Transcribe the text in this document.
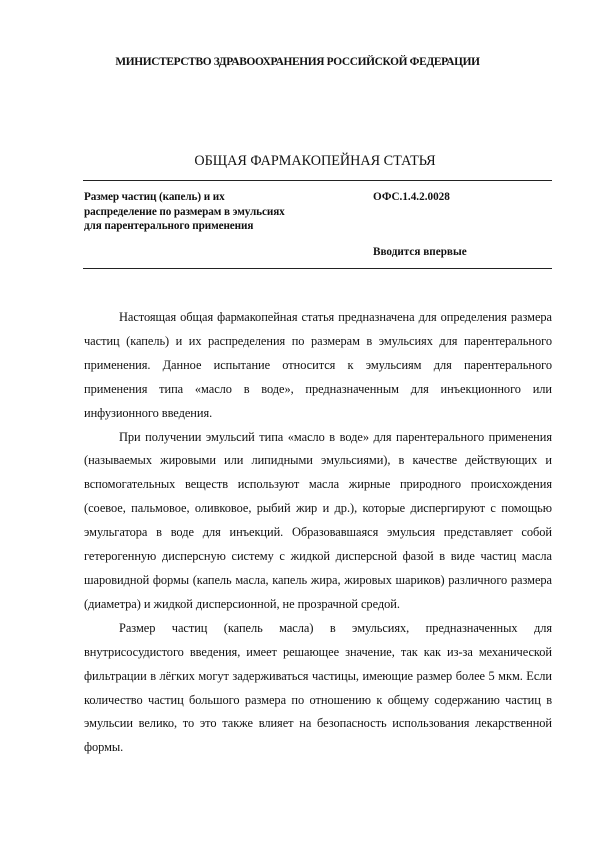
МИНИСТЕРСТВО ЗДРАВООХРАНЕНИЯ РОССИЙСКОЙ ФЕДЕРАЦИИ
ОБЩАЯ ФАРМАКОПЕЙНАЯ СТАТЬЯ
Размер частиц (капель) и их
распределение по размерам в эмульсиях
для парентерального применения
ОФС.1.4.2.0028
Вводится впервые

Настоящая общая фармакопейная статья предназначена для определения размера частиц (капель) и их распределения по размерам в эмульсиях для парентерального применения. Данное испытание относится к эмульсиям для парентерального применения типа «масло в воде», предназначенным для инъекционного или инфузионного введения.

При получении эмульсий типа «масло в воде» для парентерального применения (называемых жировыми или липидными эмульсиями), в качестве действующих и вспомогательных веществ используют масла жирные природного происхождения (соевое, пальмовое, оливковое, рыбий жир и др.), которые диспергируют с помощью эмульгатора в воде для инъекций. Образовавшаяся эмульсия представляет собой гетерогенную дисперсную систему с жидкой дисперсной фазой в виде частиц масла шаровидной формы (капель масла, капель жира, жировых шариков) различного размера (диаметра) и жидкой дисперсионной, не прозрачной средой.

Размер частиц (капель масла) в эмульсиях, предназначенных для внутрисосудистого введения, имеет решающее значение, так как из-за механической фильтрации в лёгких могут задерживаться частицы, имеющие размер более 5 мкм. Если количество частиц большого размера по отношению к общему содержанию частиц в эмульсии велико, то это также влияет на безопасность использования лекарственной формы.
